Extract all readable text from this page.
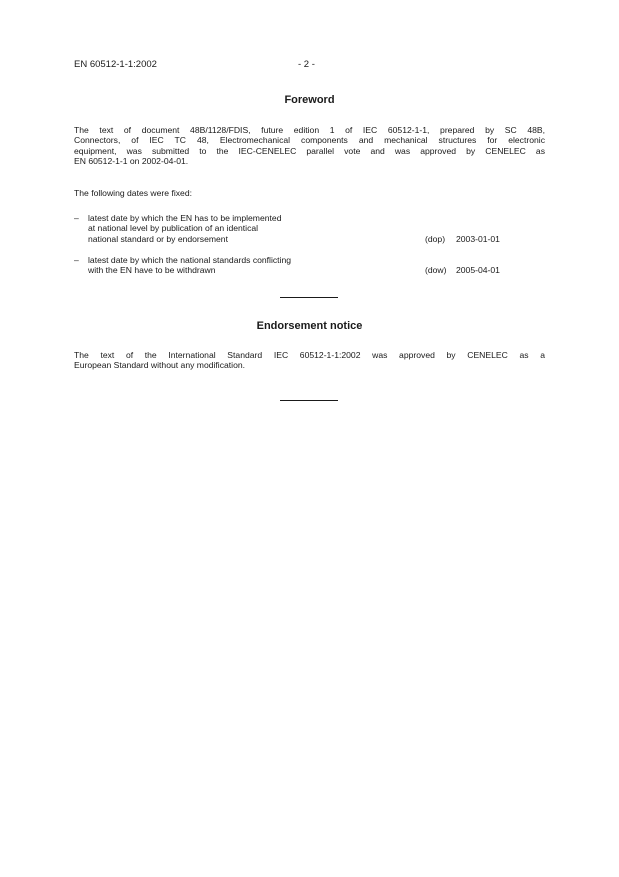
EN 60512-1-1:2002	- 2 -
Foreword
The text of document 48B/1128/FDIS, future edition 1 of IEC 60512-1-1, prepared by SC 48B,
Connectors, of IEC TC 48, Electromechanical components and mechanical structures for electronic
equipment, was submitted to the IEC-CENELEC parallel vote and was approved by CENELEC as
EN 60512-1-1 on 2002-04-01.
The following dates were fixed:
– latest date by which the EN has to be implemented
at national level by publication of an identical
national standard or by endorsement	(dop) 2003-01-01
– latest date by which the national standards conflicting
with the EN have to be withdrawn	(dow) 2005-04-01
Endorsement notice
The text of the International Standard IEC 60512-1-1:2002 was approved by CENELEC as a
European Standard without any modification.
